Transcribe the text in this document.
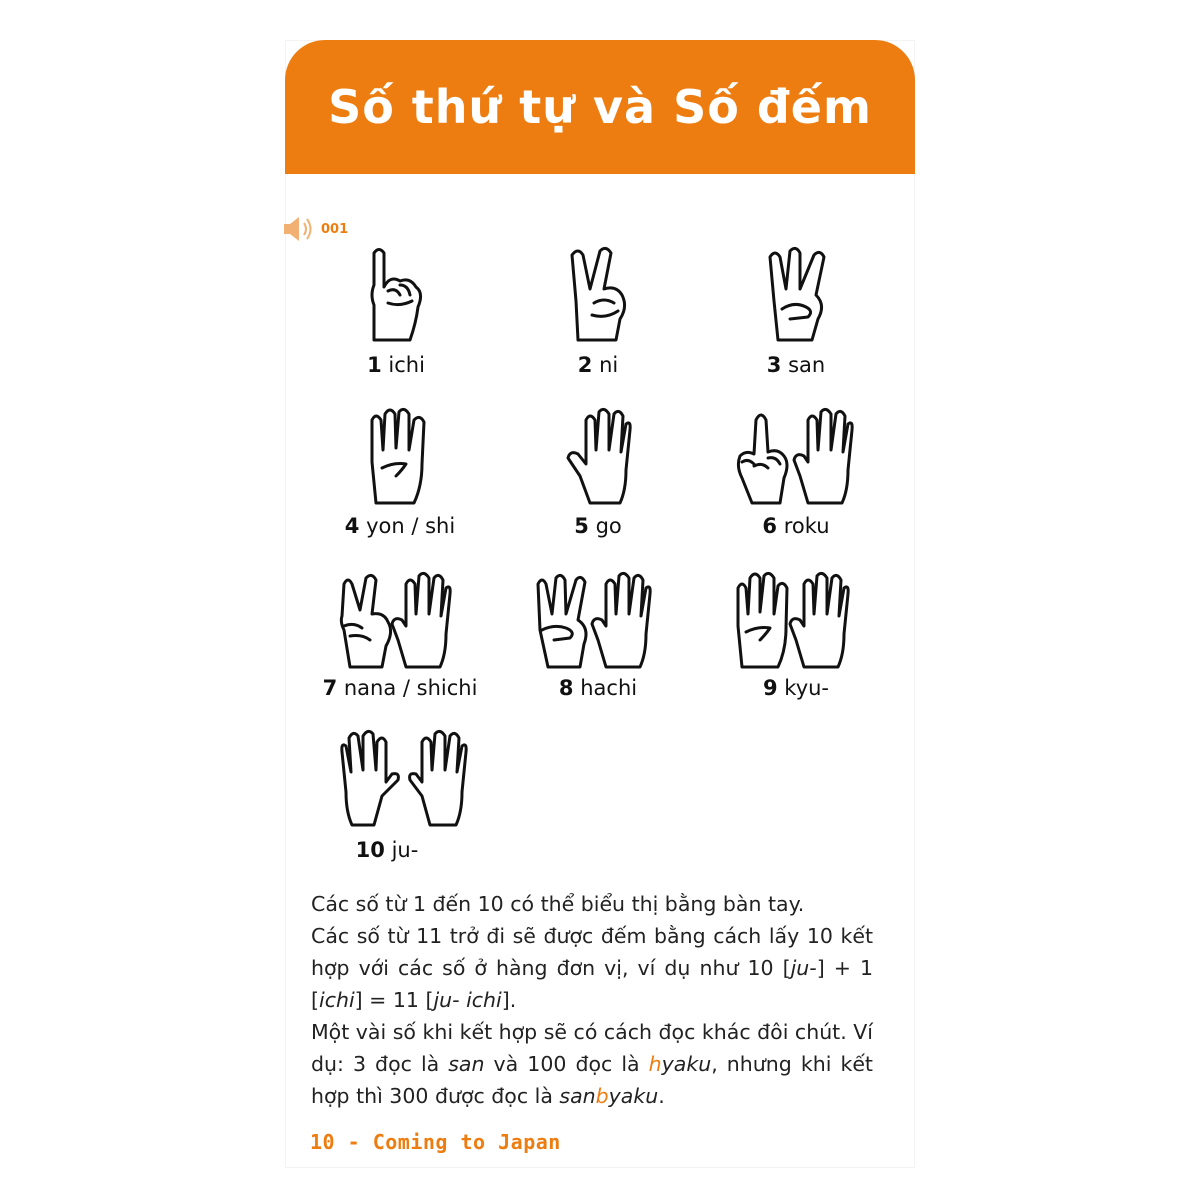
Số thứ tự và Số đếm
001
1 ichi	2 ni	3 san
4 yon / shi	5 go	6 roku
7 nana / shichi	8 hachi	9 kyu-
10 ju-

Các số từ 1 đến 10 có thể biểu thị bằng bàn tay.

Các số từ 11 trở đi sẽ được đếm bằng cách lấy 10 kết hợp với các số ở hàng đơn vị, ví dụ như 10 [ju-] + 1 [ichi] = 11 [ju- ichi].

Một vài số khi kết hợp sẽ có cách đọc khác đôi chút. Ví dụ: 3 đọc là san và 100 đọc là hyaku, nhưng khi kết hợp thì 300 được đọc là sanbyaku.

10 - Coming to Japan
